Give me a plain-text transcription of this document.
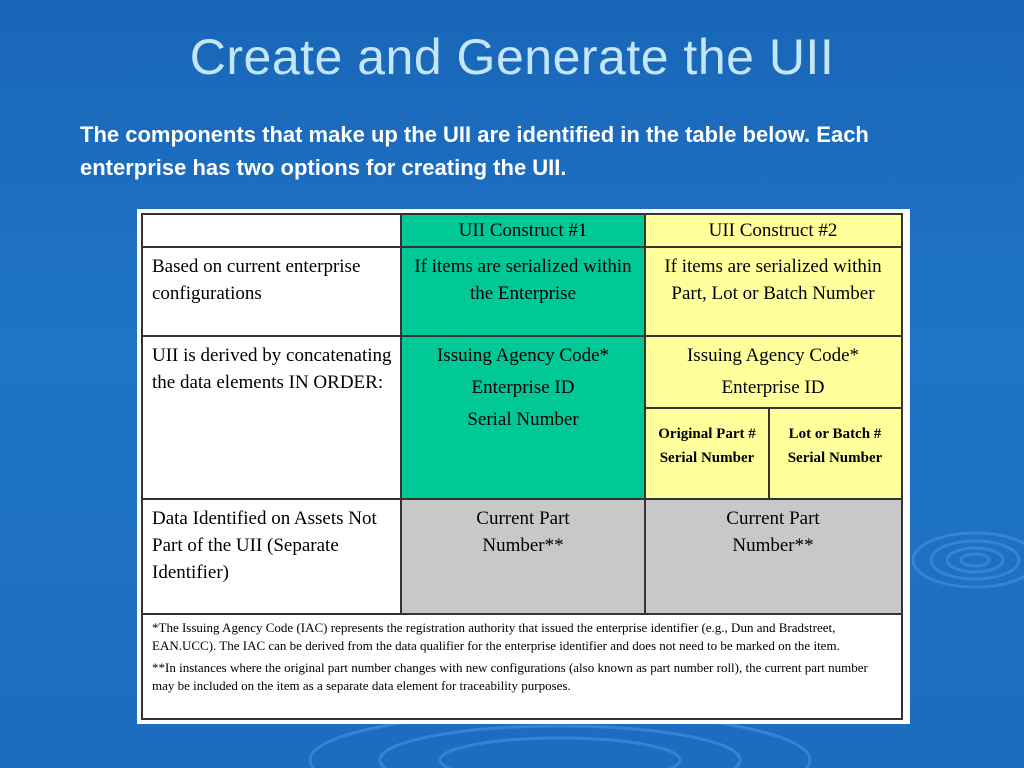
Create and Generate the UII
The components that make up the UII are identified in the table below. Each enterprise has two options for creating the UII.
UII Construct #1	UII Construct #2
Based on current enterprise configurations
If items are serialized within the Enterprise
If items are serialized within Part, Lot or Batch Number
UII is derived by concatenating the data elements IN ORDER:

Issuing Agency Code*

Enterprise ID

Serial Number

Issuing Agency Code*

Enterprise ID

Original Part # Serial Number
Lot or Batch # Serial Number
Data Identified on Assets Not Part of the UII (Separate Identifier)
Current Part Number**
Current Part Number**

*The Issuing Agency Code (IAC) represents the registration authority that issued the enterprise identifier (e.g., Dun and Bradstreet, EAN.UCC). The IAC can be derived from the data qualifier for the enterprise identifier and does not need to be marked on the item.

**In instances where the original part number changes with new configurations (also known as part number roll), the current part number may be included on the item as a separate data element for traceability purposes.
